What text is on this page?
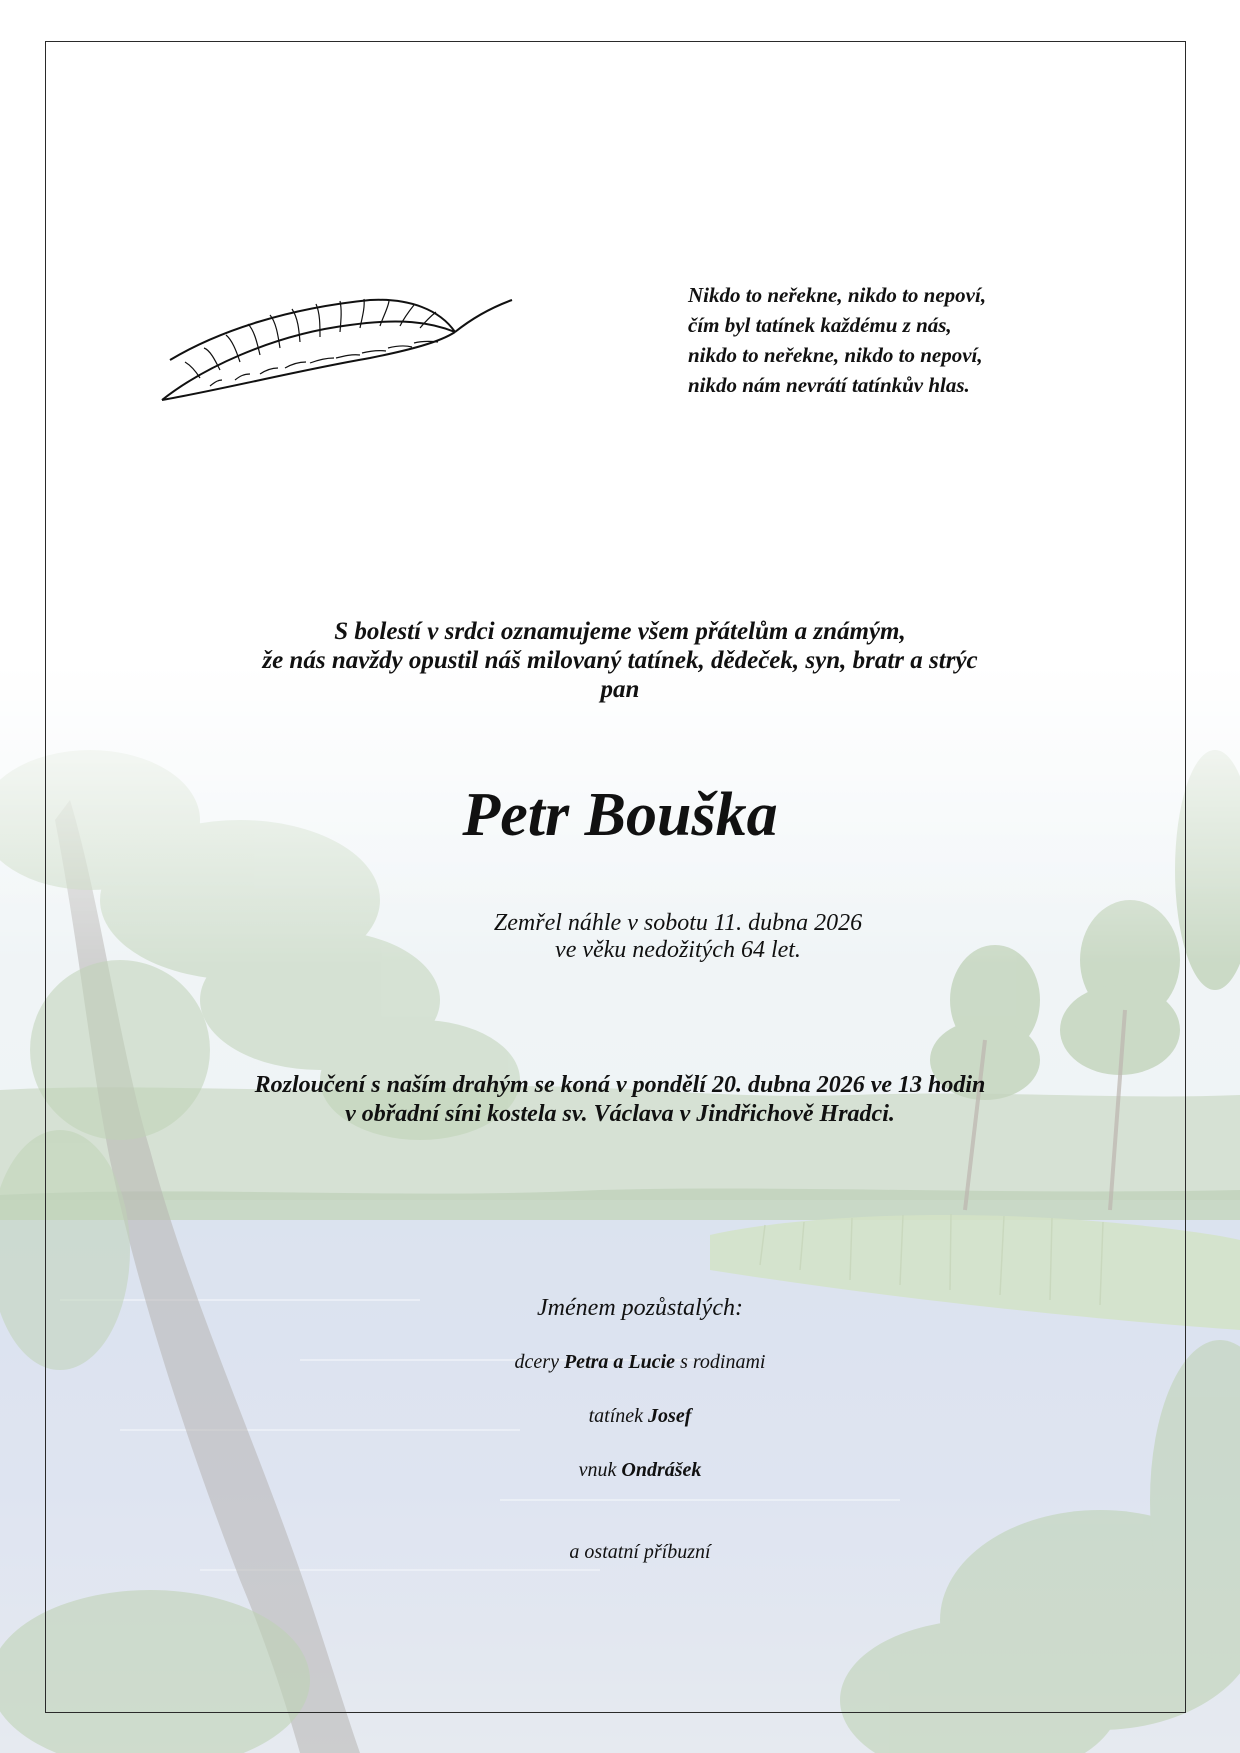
Nikdo to neřekne, nikdo to nepoví,
čím byl tatínek každému z nás,
nikdo to neřekne, nikdo to nepoví,
nikdo nám nevrátí tatínkův hlas.
S bolestí v srdci oznamujeme všem přátelům a známým,
že nás navždy opustil náš milovaný tatínek, dědeček, syn, bratr a strýc
pan
Petr Bouška
Zemřel náhle v sobotu 11. dubna 2026
ve věku nedožitých 64 let.
Rozloučení s naším drahým se koná v pondělí 20. dubna 2026 ve 13 hodin
v obřadní síni kostela sv. Václava v Jindřichově Hradci.
Jménem pozůstalých:
dcery Petra a Lucie s rodinami
tatínek Josef
vnuk Ondrášek
a ostatní příbuzní
